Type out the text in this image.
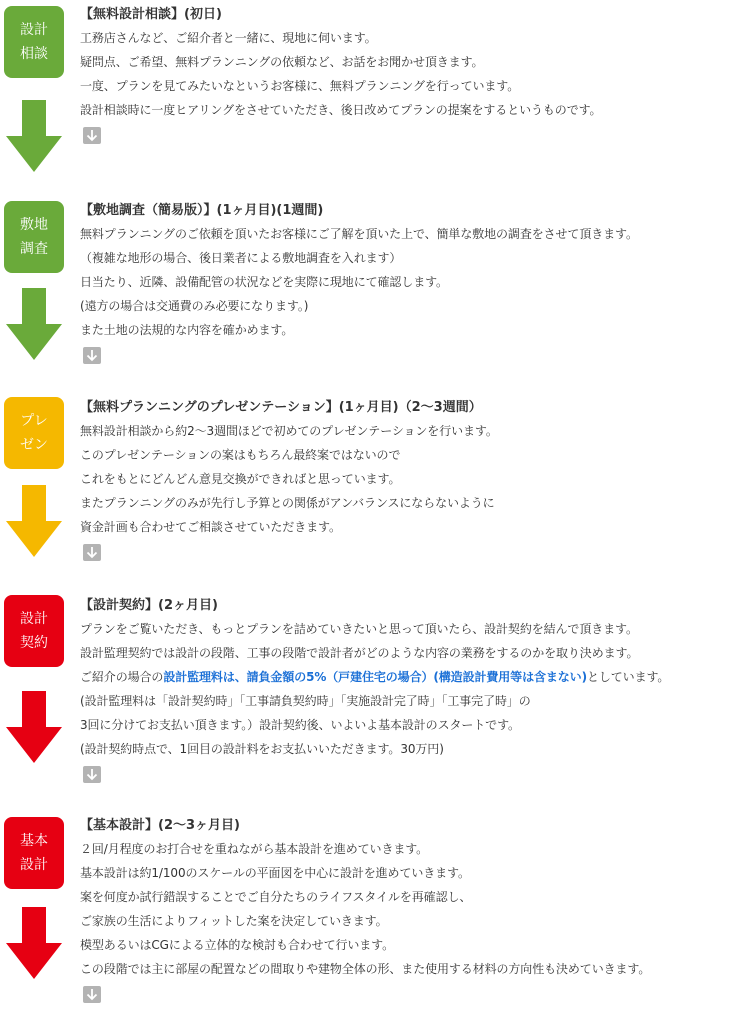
設計
相談
【無料設計相談】(初日)
工務店さんなど、ご紹介者と一緒に、現地に伺います。
疑問点、ご希望、無料プランニングの依頼など、お話をお聞かせ頂きます。
一度、プランを見てみたいなというお客様に、無料プランニングを行っています。
設計相談時に一度ヒアリングをさせていただき、後日改めてプランの提案をするというものです。
敷地
調査
【敷地調査（簡易版）】(1ヶ月目)(1週間)
無料プランニングのご依頼を頂いたお客様にご了解を頂いた上で、簡単な敷地の調査をさせて頂きます。
（複雑な地形の場合、後日業者による敷地調査を入れます）
日当たり、近隣、設備配管の状況などを実際に現地にて確認します。
(遠方の場合は交通費のみ必要になります。)
また土地の法規的な内容を確かめます。
プレ
ゼン
【無料プランニングのプレゼンテーション】(1ヶ月目)（2〜3週間）
無料設計相談から約2〜3週間ほどで初めてのプレゼンテーションを行います。
このプレゼンテーションの案はもちろん最終案ではないので
これをもとにどんどん意見交換ができればと思っています。
またプランニングのみが先行し予算との関係がアンバランスにならないように
資金計画も合わせてご相談させていただきます。
設計
契約
【設計契約】(2ヶ月目)
プランをご覧いただき、もっとプランを詰めていきたいと思って頂いたら、設計契約を結んで頂きます。
設計監理契約では設計の段階、工事の段階で設計者がどのような内容の業務をするのかを取り決めます。
ご紹介の場合の設計監理料は、請負金額の5%（戸建住宅の場合）(構造設計費用等は含まない)としています。
(設計監理料は「設計契約時」「工事請負契約時」「実施設計完了時」「工事完了時」の
3回に分けてお支払い頂きます。）設計契約後、いよいよ基本設計のスタートです。
(設計契約時点で、1回目の設計料をお支払いいただきます。30万円)
基本
設計
【基本設計】(2〜3ヶ月目)
２回/月程度のお打合せを重ねながら基本設計を進めていきます。
基本設計は約1/100のスケールの平面図を中心に設計を進めていきます。
案を何度か試行錯誤することでご自分たちのライフスタイルを再確認し、
ご家族の生活によりフィットした案を決定していきます。
模型あるいはCGによる立体的な検討も合わせて行います。
この段階では主に部屋の配置などの間取りや建物全体の形、また使用する材料の方向性も決めていきます。
